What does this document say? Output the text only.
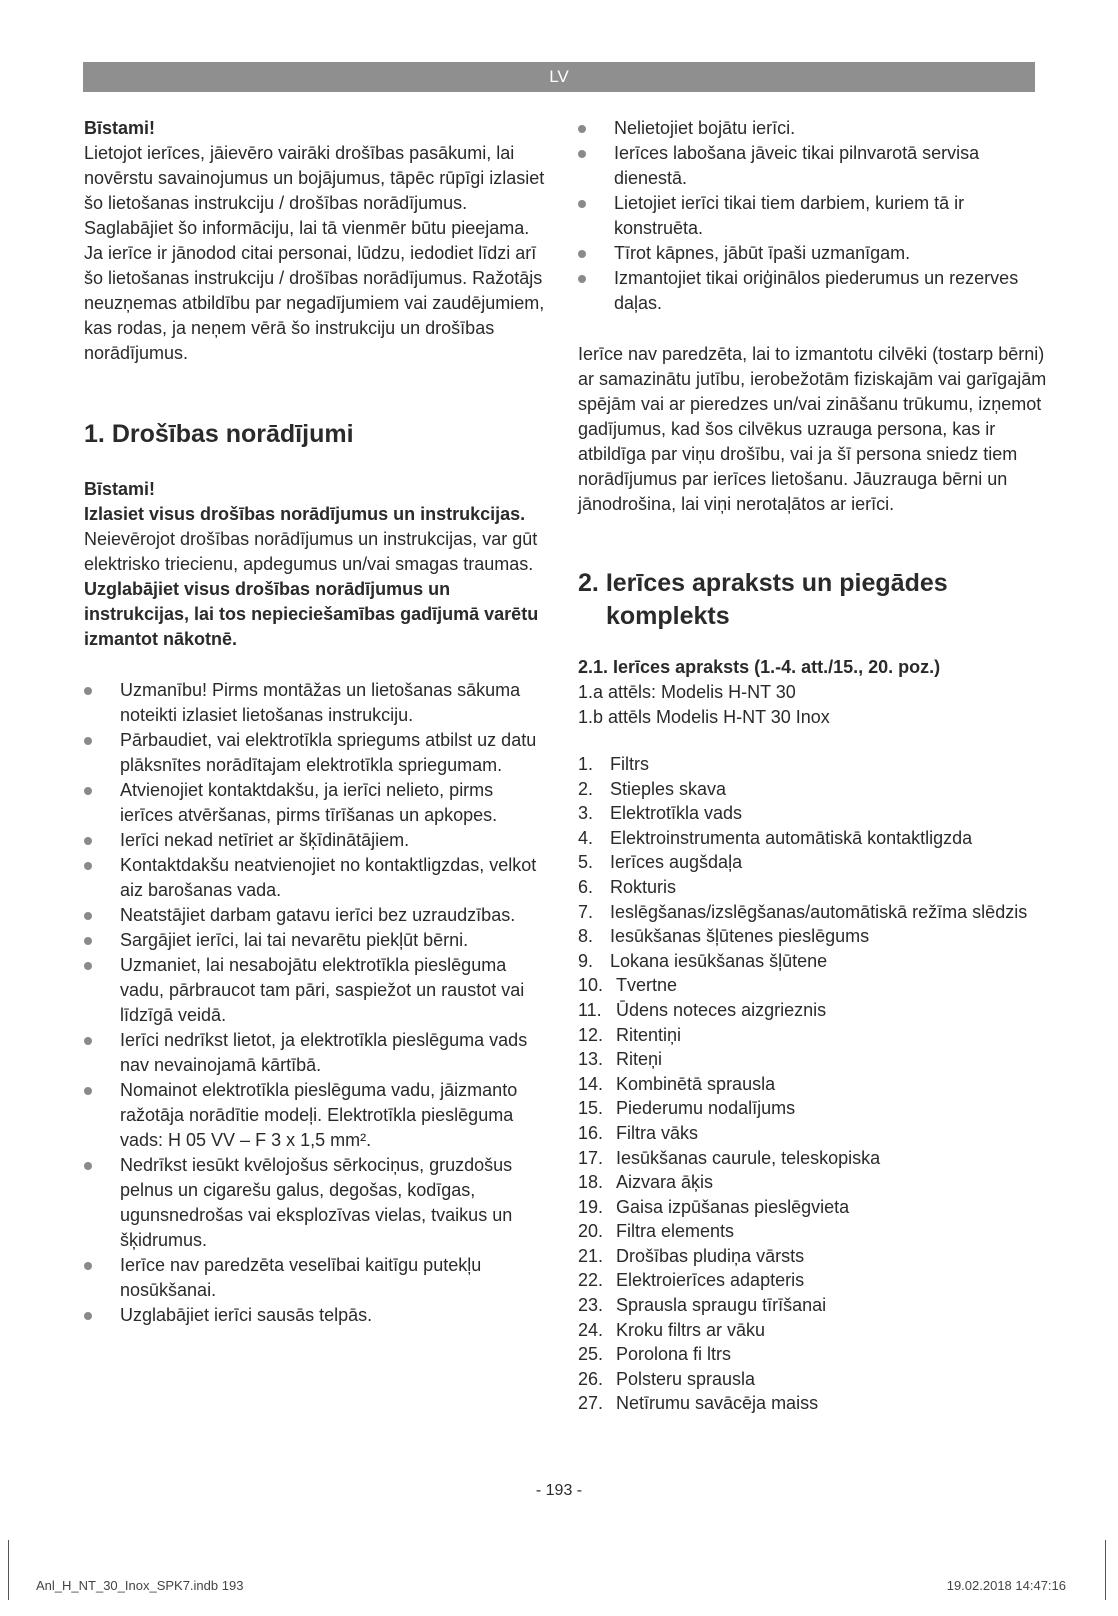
LV

Bīstami!

Lietojot ierīces, jāievēro vairāki drošības pasākumi, lai novērstu savainojumus un bojājumus, tāpēc rūpīgi izlasiet šo lietošanas instrukciju / drošības norādījumus. Saglabājiet šo informāciju, lai tā vienmēr būtu pieejama. Ja ierīce ir jānodod citai personai, lūdzu, iedodiet līdzi arī šo lietošanas instrukciju / drošības norādījumus. Ražotājs neuzņemas atbildību par negadījumiem vai zaudējumiem, kas rodas, ja neņem vērā šo instrukciju un drošības norādījumus.

1. Drošības norādījumi

Bīstami!

Izlasiet visus drošības norādījumus un instrukcijas. Neievērojot drošības norādījumus un instrukcijas, var gūt elektrisko triecienu, apdegumus un/vai smagas traumas. Uzglabājiet visus drošības norādījumus un instrukcijas, lai tos nepieciešamības gadījumā varētu izmantot nākotnē.

Uzmanību! Pirms montāžas un lietošanas sākuma noteikti izlasiet lietošanas instrukciju.
Pārbaudiet, vai elektrotīkla spriegums atbilst uz datu plāksnītes norādītajam elektrotīkla spriegumam.
Atvienojiet kontaktdakšu, ja ierīci nelieto, pirms ierīces atvēršanas, pirms tīrīšanas un apkopes.
Ierīci nekad netīriet ar šķīdinātājiem.
Kontaktdakšu neatvienojiet no kontaktligzdas, velkot aiz barošanas vada.
Neatstājiet darbam gatavu ierīci bez uzraudzības.
Sargājiet ierīci, lai tai nevarētu piekļūt bērni.
Uzmaniet, lai nesabojātu elektrotīkla pieslēguma vadu, pārbraucot tam pāri, saspiežot un raustot vai līdzīgā veidā.
Ierīci nedrīkst lietot, ja elektrotīkla pieslēguma vads nav nevainojamā kārtībā.
Nomainot elektrotīkla pieslēguma vadu, jāizmanto ražotāja norādītie modeļi. Elektrotīkla pieslēguma vads: H 05 VV – F 3 x 1,5 mm².
Nedrīkst iesūkt kvēlojošus sērkociņus, gruzdošus pelnus un cigarešu galus, degošas, kodīgas, ugunsnedrošas vai eksplozīvas vielas, tvaikus un šķidrumus.
Ierīce nav paredzēta veselībai kaitīgu putekļu nosūkšanai.
Uzglabājiet ierīci sausās telpās.
Nelietojiet bojātu ierīci.
Ierīces labošana jāveic tikai pilnvarotā servisa dienestā.
Lietojiet ierīci tikai tiem darbiem, kuriem tā ir konstruēta.
Tīrot kāpnes, jābūt īpaši uzmanīgam.
Izmantojiet tikai oriģinālos piederumus un rezerves daļas.

Ierīce nav paredzēta, lai to izmantotu cilvēki (tostarp bērni) ar samazinātu jutību, ierobežotām fiziskajām vai garīgajām spējām vai ar pieredzes un/vai zināšanu trūkumu, izņemot gadījumus, kad šos cilvēkus uzrauga persona, kas ir atbildīga par viņu drošību, vai ja šī persona sniedz tiem norādījumus par ierīces lietošanu. Jāuzrauga bērni un jānodrošina, lai viņi nerotaļātos ar ierīci.

2. Ierīces apraksts un piegādes komplekts

2.1. Ierīces apraksts (1.-4. att./15., 20. poz.)

1.a attēls: Modelis H-NT 30

1.b attēls Modelis H-NT 30 Inox

1. Filtrs
2. Stieples skava
3. Elektrotīkla vads
4. Elektroinstrumenta automātiskā kontaktligzda
5. Ierīces augšdaļa
6. Rokturis
7. Ieslēgšanas/izslēgšanas/automātiskā režīma slēdzis
8. Iesūkšanas šļūtenes pieslēgums
9. Lokana iesūkšanas šļūtene
10. Tvertne
11. Ūdens noteces aizgrieznis
12. Ritentiņi
13. Riteņi
14. Kombinētā sprausla
15. Piederumu nodalījums
16. Filtra vāks
17. Iesūkšanas caurule, teleskopiska
18. Aizvara āķis
19. Gaisa izpūšanas pieslēgvieta
20. Filtra elements
21. Drošības pludiņa vārsts
22. Elektroierīces adapteris
23. Sprausla spraugu tīrīšanai
24. Kroku filtrs ar vāku
25. Porolona fi ltrs
26. Polsteru sprausla
27. Netīrumu savācēja maiss
- 193 -
Anl_H_NT_30_Inox_SPK7.indb 193	19.02.2018 14:47:16
